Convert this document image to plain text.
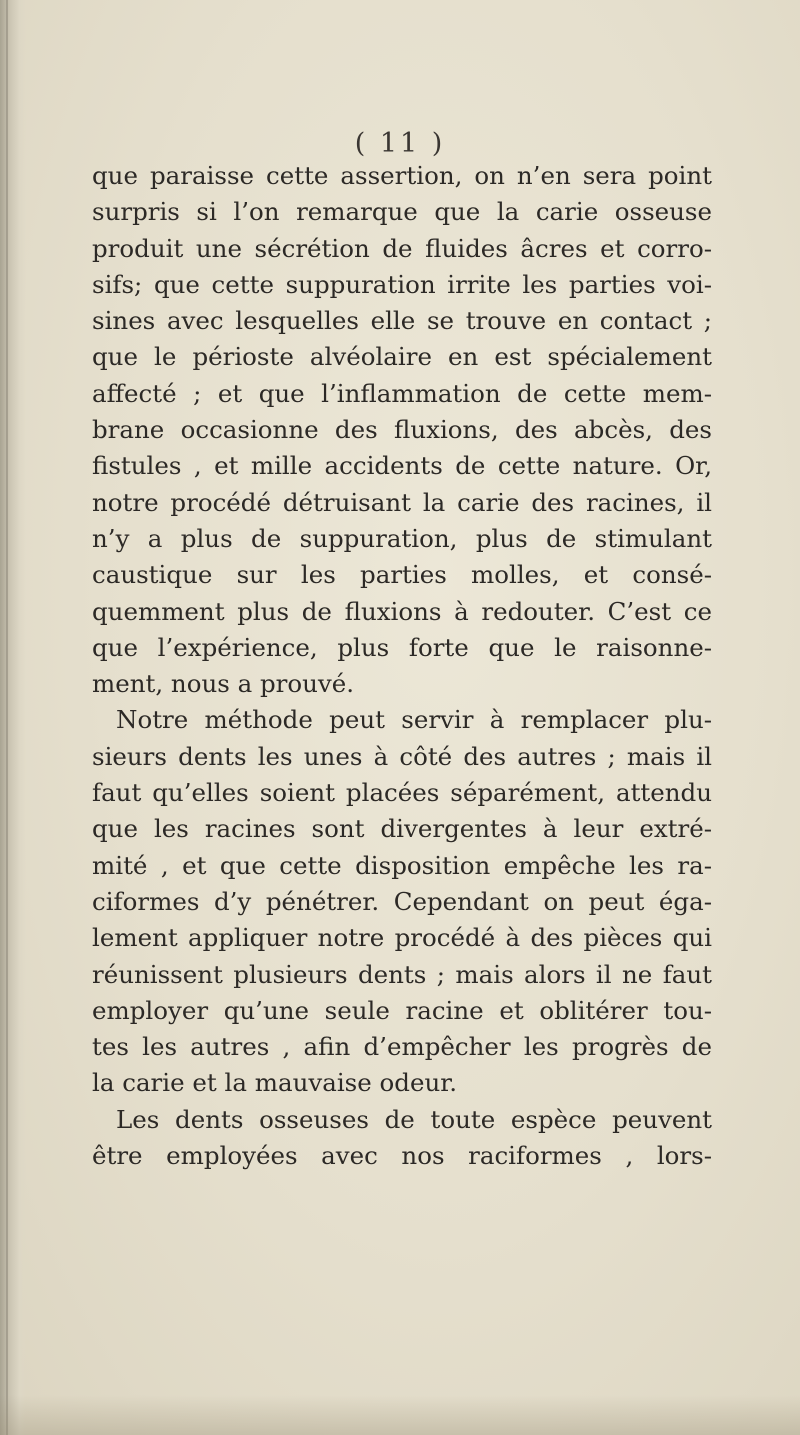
( 11 )
que paraisse cette assertion, on n’en sera point
surpris si l’on remarque que la carie osseuse
produit une sécrétion de fluides âcres et corro-
sifs; que cette suppuration irrite les parties voi-
sines avec lesquelles elle se trouve en contact ;
que le périoste alvéolaire en est spécialement
affecté ; et que l’inflammation de cette mem-
brane occasionne des fluxions, des abcès, des
fistules , et mille accidents de cette nature. Or,
notre procédé détruisant la carie des racines, il
n’y a plus de suppuration, plus de stimulant
caustique sur les parties molles, et consé-
quemment plus de fluxions à redouter. C’est ce
que l’expérience, plus forte que le raisonne-
ment, nous a prouvé.
Notre méthode peut servir à remplacer plu-
sieurs dents les unes à côté des autres ; mais il
faut qu’elles soient placées séparément, attendu
que les racines sont divergentes à leur extré-
mité , et que cette disposition empêche les ra-
ciformes d’y pénétrer. Cependant on peut éga-
lement appliquer notre procédé à des pièces qui
réunissent plusieurs dents ; mais alors il ne faut
employer qu’une seule racine et oblitérer tou-
tes les autres , afin d’empêcher les progrès de
la carie et la mauvaise odeur.
Les dents osseuses de toute espèce peuvent
être employées avec nos raciformes , lors-
